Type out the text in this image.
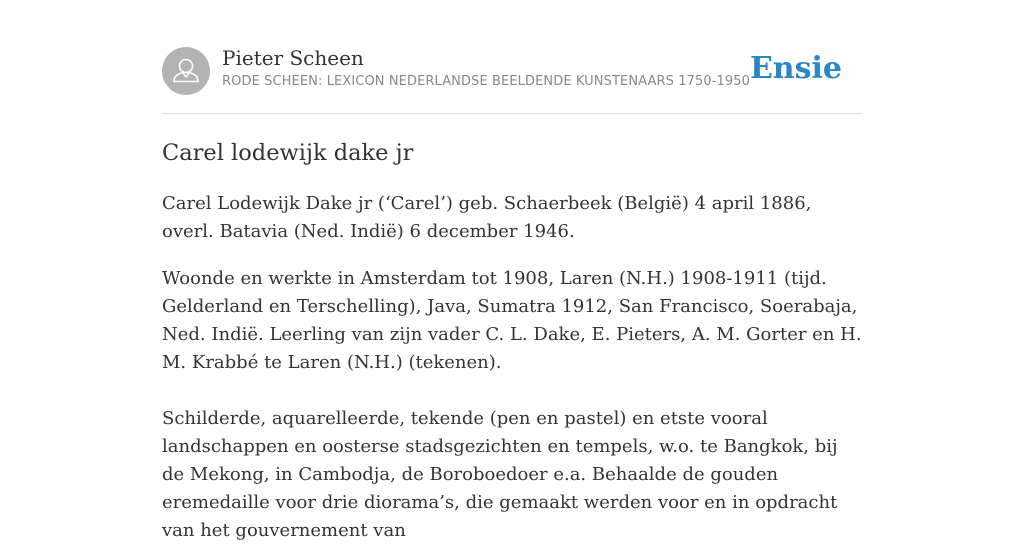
Pieter Scheen
RODE SCHEEN: LEXICON NEDERLANDSE BEELDENDE KUNSTENAARS 1750-1950 Ensie
Carel lodewijk dake jr

Carel Lodewijk Dake jr (‘Carel’) geb. Schaerbeek (België) 4 april 1886, overl. Batavia (Ned. Indië) 6 december 1946.

Woonde en werkte in Amsterdam tot 1908, Laren (N.H.) 1908-1911 (tijd. Gelderland en Terschelling), Java, Sumatra 1912, San Francisco, Soerabaja, Ned. Indië. Leerling van zijn vader C. L. Dake, E. Pieters, A. M. Gorter en H. M. Krabbé te Laren (N.H.) (tekenen).

Schilderde, aquarelleerde, tekende (pen en pastel) en etste vooral landschappen en oosterse stadsgezichten en tempels, w.o. te Bangkok, bij de Mekong, in Cambodja, de Boroboedoer e.a. Behaalde de gouden eremedaille voor drie diorama’s, die gemaakt werden voor en in opdracht van het gouvernement van
